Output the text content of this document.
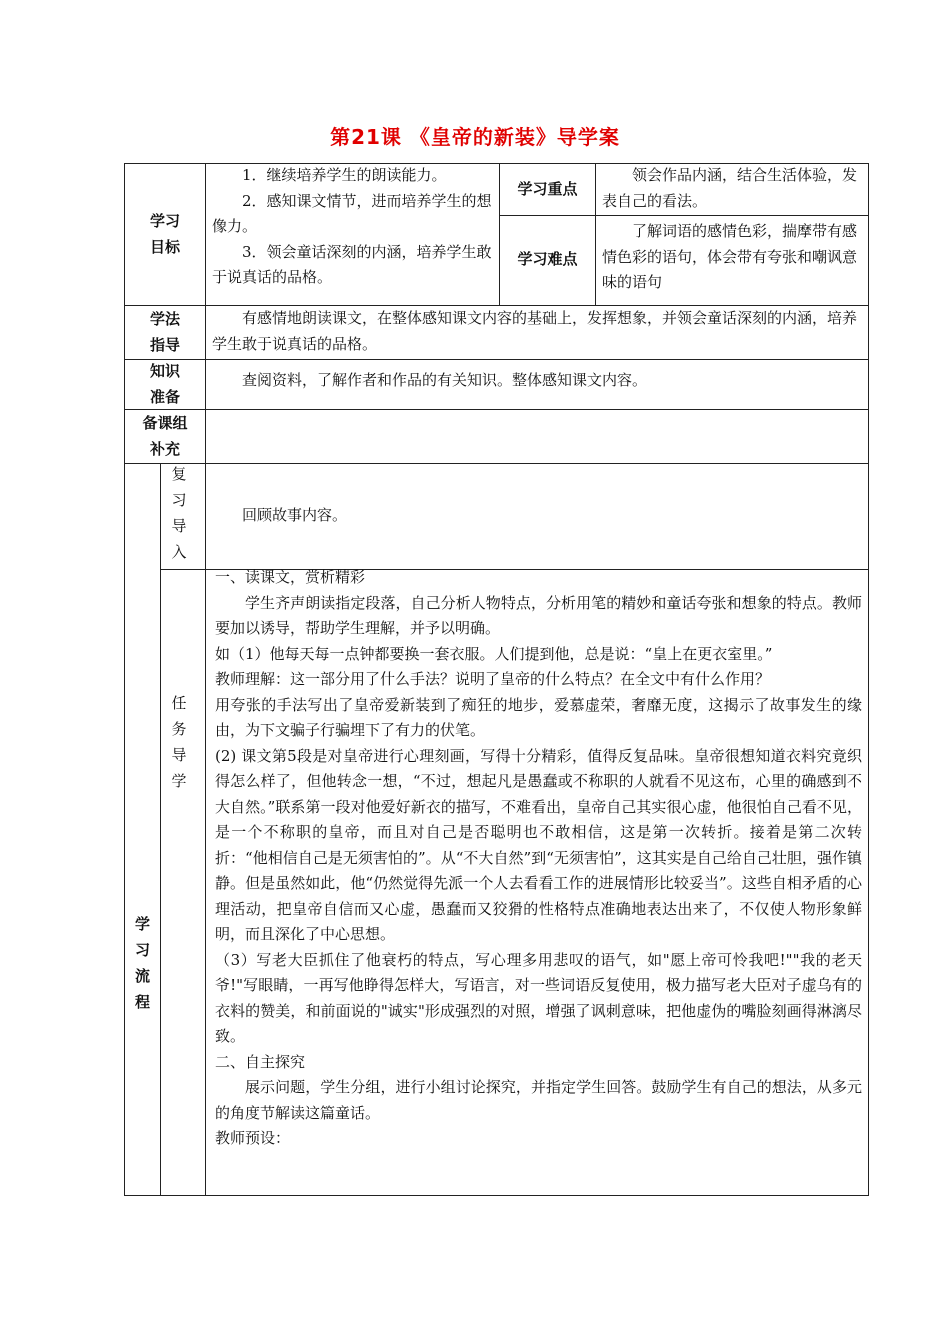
第21课 《皇帝的新装》导学案
学习
目标

1．继续培养学生的朗读能力。

2．感知课文情节，进而培养学生的想像力。

3．领会童话深刻的内涵，培养学生敢于说真话的品格。

学习重点

领会作品内涵，结合生活体验，发表自己的看法。

学习难点

了解词语的感情色彩，揣摩带有感情色彩的语句，体会带有夸张和嘲讽意味的语句

学法
指导

有感情地朗读课文，在整体感知课文内容的基础上，发挥想象，并领会童话深刻的内涵，培养学生敢于说真话的品格。

知识
准备

查阅资料，了解作者和作品的有关知识。整体感知课文内容。

备课组
补充

学
习
流
程
复习导入

回顾故事内容。

任务导学

一、读课文，赏析精彩

学生齐声朗读指定段落，自己分析人物特点，分析用笔的精妙和童话夸张和想象的特点。教师要加以诱导，帮助学生理解，并予以明确。

如（1）他每天每一点钟都要换一套衣服。人们提到他，总是说：“皇上在更衣室里。”

教师理解：这一部分用了什么手法？说明了皇帝的什么特点？在全文中有什么作用？

用夸张的手法写出了皇帝爱新装到了痴狂的地步，爱慕虚荣，奢靡无度，这揭示了故事发生的缘由，为下文骗子行骗埋下了有力的伏笔。

(2) 课文第5段是对皇帝进行心理刻画，写得十分精彩，值得反复品味。皇帝很想知道衣料究竟织得怎么样了，但他转念一想，“不过，想起凡是愚蠢或不称职的人就看不见这布，心里的确感到不大自然。”联系第一段对他爱好新衣的描写，不难看出，皇帝自己其实很心虚，他很怕自己看不见，是一个不称职的皇帝，而且对自己是否聪明也不敢相信，这是第一次转折。接着是第二次转折：“他相信自己是无须害怕的”。从“不大自然”到“无须害怕”，这其实是自己给自己壮胆，强作镇静。但是虽然如此，他“仍然觉得先派一个人去看看工作的进展情形比较妥当”。这些自相矛盾的心理活动，把皇帝自信而又心虚，愚蠢而又狡猾的性格特点准确地表达出来了，不仅使人物形象鲜明，而且深化了中心思想。

（3）写老大臣抓住了他衰朽的特点，写心理多用悲叹的语气，如"愿上帝可怜我吧!""我的老天爷!"写眼睛，一再写他睁得怎样大，写语言，对一些词语反复使用，极力描写老大臣对子虚乌有的衣料的赞美，和前面说的"诚实"形成强烈的对照，增强了讽刺意味，把他虚伪的嘴脸刻画得淋漓尽致。

二、自主探究

展示问题，学生分组，进行小组讨论探究，并指定学生回答。鼓励学生有自己的想法，从多元的角度节解读这篇童话。

教师预设：
